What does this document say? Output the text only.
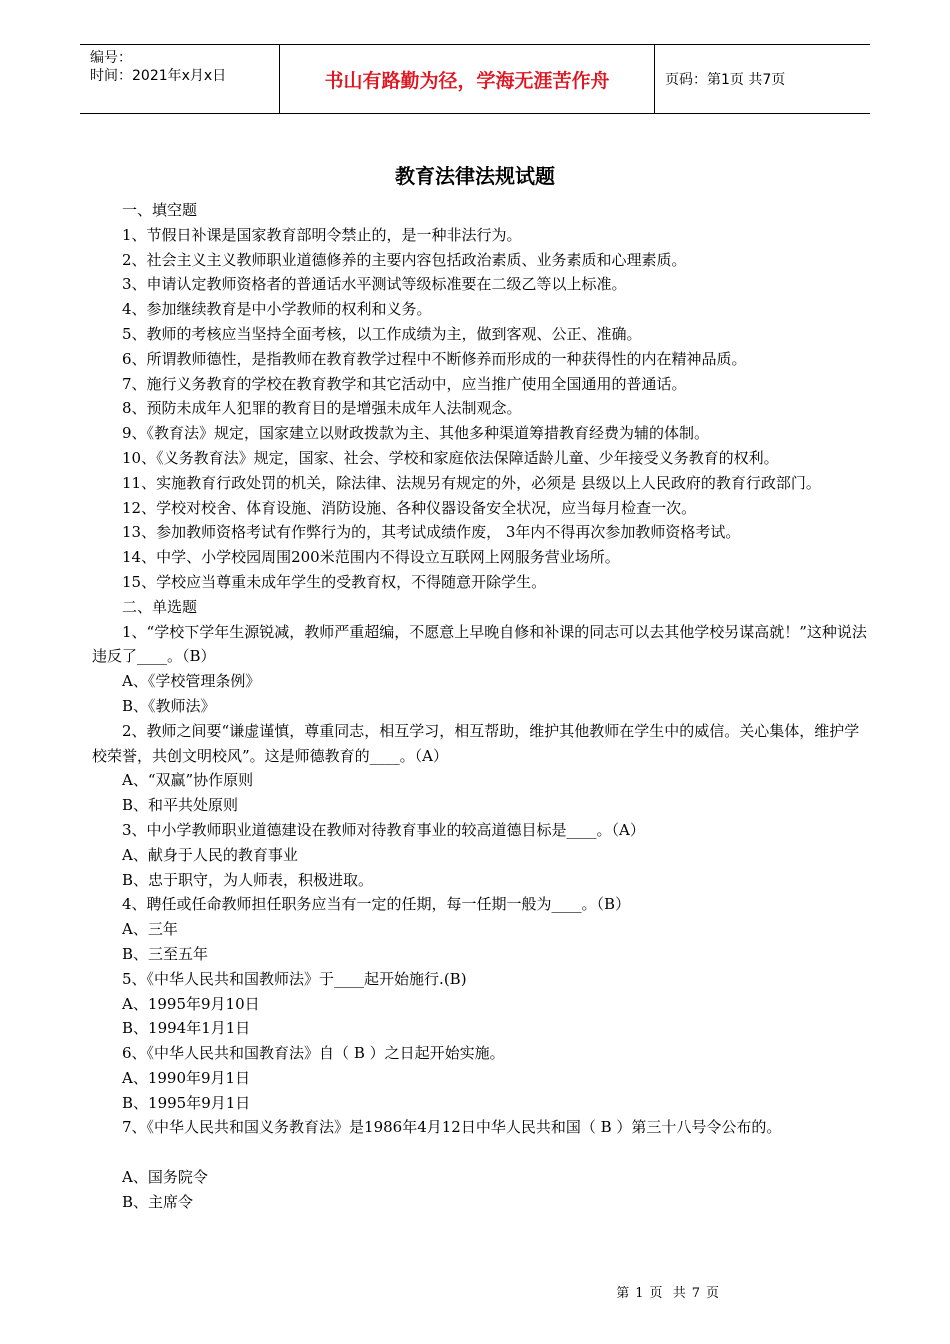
编号：
时间：2021年x月x日	书山有路勤为径，学海无涯苦作舟	页码：第1页 共7页
教育法律法规试题

一、填空题

1、节假日补课是国家教育部明令禁止的，是一种非法行为。

2、社会主义主义教师职业道德修养的主要内容包括政治素质、业务素质和心理素质。

3、申请认定教师资格者的普通话水平测试等级标准要在二级乙等以上标准。

4、参加继续教育是中小学教师的权利和义务。

5、教师的考核应当坚持全面考核，以工作成绩为主，做到客观、公正、准确。

6、所谓教师德性，是指教师在教育教学过程中不断修养而形成的一种获得性的内在精神品质。

7、施行义务教育的学校在教育教学和其它活动中，应当推广使用全国通用的普通话。

8、预防未成年人犯罪的教育目的是增强未成年人法制观念。

9、《教育法》规定，国家建立以财政拨款为主、其他多种渠道筹措教育经费为辅的体制。

10、《义务教育法》规定，国家、社会、学校和家庭依法保障适龄儿童、少年接受义务教育的权利。

11、实施教育行政处罚的机关，除法律、法规另有规定的外，必须是 县级以上人民政府的教育行政部门。

12、学校对校舍、体育设施、消防设施、各种仪器设备安全状况，应当每月检查一次。

13、参加教师资格考试有作弊行为的，其考试成绩作废， 3年内不得再次参加教师资格考试。

14、中学、小学校园周围200米范围内不得设立互联网上网服务营业场所。

15、学校应当尊重未成年学生的受教育权，不得随意开除学生。

二、单选题

1、“学校下学年生源锐减，教师严重超编，不愿意上早晚自修和补课的同志可以去其他学校另谋高就！”这种说法违反了____。（B）

A、《学校管理条例》

B、《教师法》

2、教师之间要“谦虚谨慎，尊重同志，相互学习，相互帮助，维护其他教师在学生中的威信。关心集体，维护学校荣誉，共创文明校风”。这是师德教育的____。（A）

A、“双赢”协作原则

B、和平共处原则

3、中小学教师职业道德建设在教师对待教育事业的较高道德目标是____。（A）

A、献身于人民的教育事业

B、忠于职守，为人师表，积极进取。

4、聘任或任命教师担任职务应当有一定的任期，每一任期一般为____。（B）

A、三年

B、三至五年

5、《中华人民共和国教师法》于____起开始施行.(B)

A、1995年9月10日

B、1994年1月1日

6、《中华人民共和国教育法》自（ B ）之日起开始实施。

A、1990年9月1日

B、1995年9月1日

7、《中华人民共和国义务教育法》是1986年4月12日中华人民共和国（ B ）第三十八号令公布的。

A、国务院令

B、主席令

第 1 页 共 7 页
